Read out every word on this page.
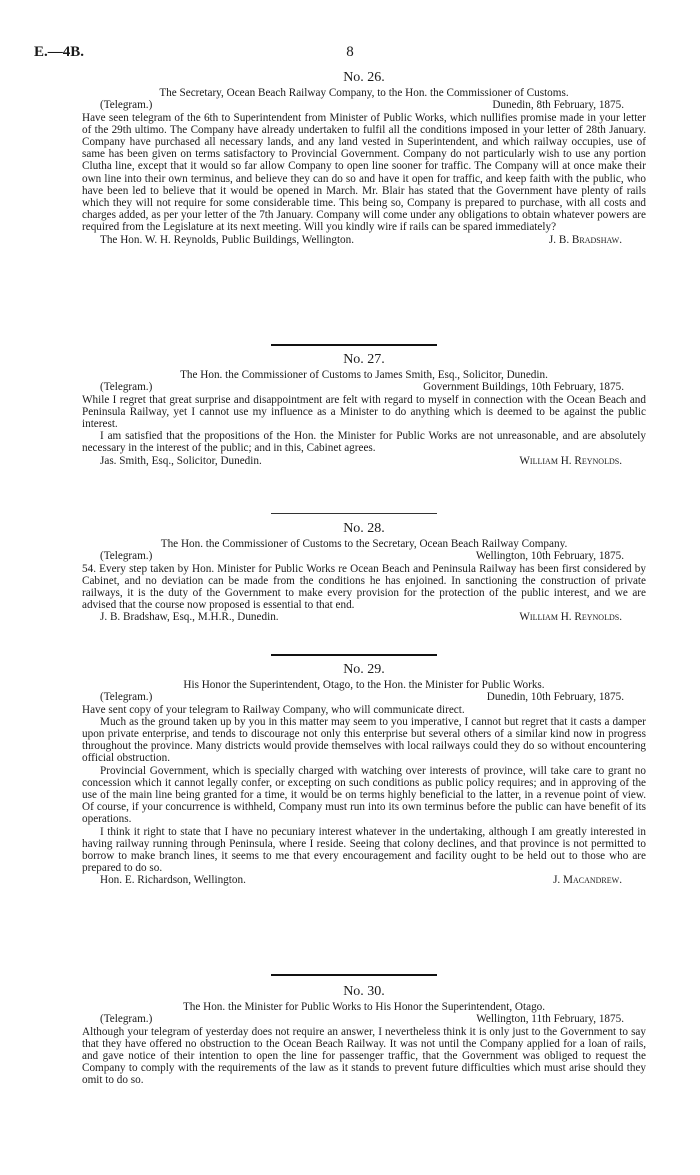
E.—4B.	8
No. 26.
The Secretary, Ocean Beach Railway Company, to the Hon. the Commissioner of Customs.
(Telegram.)	Dunedin, 8th February, 1875.

Have seen telegram of the 6th to Superintendent from Minister of Public Works, which nullifies promise made in your letter of the 29th ultimo. The Company have already undertaken to fulfil all the conditions imposed in your letter of 28th January. Company have purchased all necessary lands, and any land vested in Superintendent, and which railway occupies, use of same has been given on terms satisfactory to Provincial Government. Company do not particularly wish to use any portion Clutha line, except that it would so far allow Company to open line sooner for traffic. The Company will at once make their own line into their own terminus, and believe they can do so and have it open for traffic, and keep faith with the public, who have been led to believe that it would be opened in March. Mr. Blair has stated that the Government have plenty of rails which they will not require for some considerable time. This being so, Company is prepared to purchase, with all costs and charges added, as per your letter of the 7th January. Company will come under any obligations to obtain whatever powers are required from the Legislature at its next meeting. Will you kindly wire if rails can be spared immediately?

The Hon. W. H. Reynolds, Public Buildings, Wellington.	J. B. Bradshaw.
No. 27.
The Hon. the Commissioner of Customs to James Smith, Esq., Solicitor, Dunedin.
(Telegram.)	Government Buildings, 10th February, 1875.

While I regret that great surprise and disappointment are felt with regard to myself in connection with the Ocean Beach and Peninsula Railway, yet I cannot use my influence as a Minister to do anything which is deemed to be against the public interest.

I am satisfied that the propositions of the Hon. the Minister for Public Works are not unreasonable, and are absolutely necessary in the interest of the public; and in this, Cabinet agrees.

Jas. Smith, Esq., Solicitor, Dunedin.	William H. Reynolds.
No. 28.
The Hon. the Commissioner of Customs to the Secretary, Ocean Beach Railway Company.
(Telegram.)	Wellington, 10th February, 1875.

54. Every step taken by Hon. Minister for Public Works re Ocean Beach and Peninsula Railway has been first considered by Cabinet, and no deviation can be made from the conditions he has enjoined. In sanctioning the construction of private railways, it is the duty of the Government to make every provision for the protection of the public interest, and we are advised that the course now proposed is essential to that end.

J. B. Bradshaw, Esq., M.H.R., Dunedin.	William H. Reynolds.
No. 29.
His Honor the Superintendent, Otago, to the Hon. the Minister for Public Works.
(Telegram.)	Dunedin, 10th February, 1875.

Have sent copy of your telegram to Railway Company, who will communicate direct.

Much as the ground taken up by you in this matter may seem to you imperative, I cannot but regret that it casts a damper upon private enterprise, and tends to discourage not only this enterprise but several others of a similar kind now in progress throughout the province. Many districts would provide themselves with local railways could they do so without encountering official obstruction.

Provincial Government, which is specially charged with watching over interests of province, will take care to grant no concession which it cannot legally confer, or excepting on such conditions as public policy requires; and in approving of the use of the main line being granted for a time, it would be on terms highly beneficial to the latter, in a revenue point of view. Of course, if your concurrence is withheld, Company must run into its own terminus before the public can have benefit of its operations.

I think it right to state that I have no pecuniary interest whatever in the undertaking, although I am greatly interested in having railway running through Peninsula, where I reside. Seeing that colony declines, and that province is not permitted to borrow to make branch lines, it seems to me that every encouragement and facility ought to be held out to those who are prepared to do so.

Hon. E. Richardson, Wellington.	J. Macandrew.
No. 30.
The Hon. the Minister for Public Works to His Honor the Superintendent, Otago.
(Telegram.)	Wellington, 11th February, 1875.

Although your telegram of yesterday does not require an answer, I nevertheless think it is only just to the Government to say that they have offered no obstruction to the Ocean Beach Railway. It was not until the Company applied for a loan of rails, and gave notice of their intention to open the line for passenger traffic, that the Government was obliged to request the Company to comply with the requirements of the law as it stands to prevent future difficulties which must arise should they omit to do so.
